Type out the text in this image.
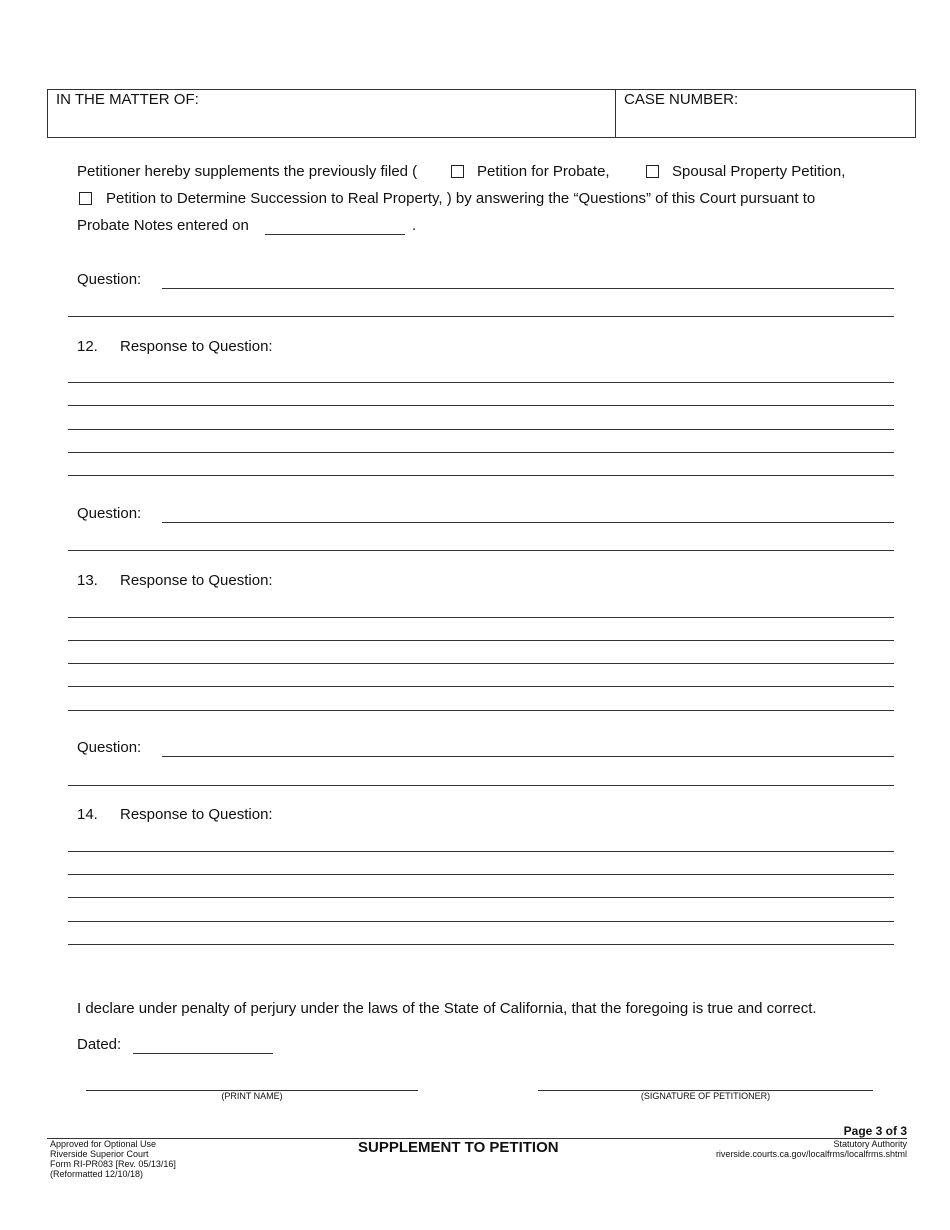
IN THE MATTER OF:	CASE NUMBER:
Petitioner hereby supplements the previously filed (	Petition for Probate,	Spousal Property Petition,
Petition to Determine Succession to Real Property, ) by answering the “Questions” of this Court pursuant to
Probate Notes entered on	.
Question:
12. Response to Question:
Question:
13. Response to Question:
Question:
14. Response to Question:
I declare under penalty of perjury under the laws of the State of California, that the foregoing is true and correct.
Dated:
(PRINT NAME)	(SIGNATURE OF PETITIONER)
Page 3 of 3
Approved for Optional Use
Riverside Superior Court
Form RI-PR083 [Rev. 05/13/16]
(Reformatted 12/10/18)
SUPPLEMENT TO PETITION	Statutory Authority
riverside.courts.ca.gov/localfrms/localfrms.shtml
